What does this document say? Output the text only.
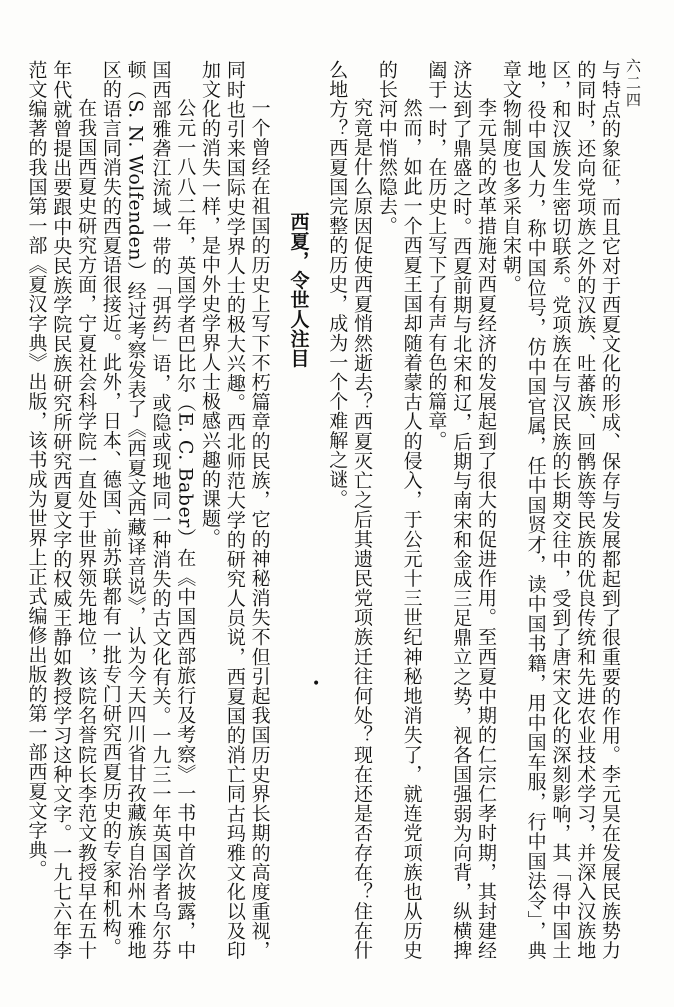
六二四

与特点的象征，而且它对于西夏文化的形成、保存与发展都起到了很重要的作用。李元昊在发展民族势力的同时，还向党项族之外的汉族、吐蕃族、回鹘族等民族的优良传统和先进农业技术学习，并深入汉族地区，和汉族发生密切联系。党项族在与汉民族的长期交往中，受到了唐宋文化的深刻影响，其「得中国土地，役中国人力，称中国位号，仿中国官属，任中国贤才，读中国书籍，用中国车服，行中国法令」，典章文物制度也多采自宋朝。

李元昊的改革措施对西夏经济的发展起到了很大的促进作用。至西夏中期的仁宗仁孝时期，其封建经济达到了鼎盛之时。西夏前期与北宋和辽，后期与南宋和金成三足鼎立之势，视各国强弱为向背，纵横捭阖于一时，在历史上写下了有声有色的篇章。

然而，如此一个西夏王国却随着蒙古人的侵入，于公元十三世纪神秘地消失了，就连党项族也从历史的长河中悄然隐去。

究竟是什么原因促使西夏悄然逝去？西夏灭亡之后其遗民党项族迁往何处？现在还是否存在？住在什么地方？西夏国完整的历史，成为一个个难解之谜。

西夏，令世人注目

一个曾经在祖国的历史上写下不朽篇章的民族，它的神秘消失不但引起我国历史界长期的高度重视，同时也引来国际史学界人士的极大兴趣。西北师范大学的研究人员说，西夏国的消亡同古玛雅文化以及印加文化的消失一样，是中外史学界人士极感兴趣的课题。

公元一八八二年，英国学者巴比尔（E. C. Baber）在《中国西部旅行及考察》一书中首次披露，中国西部雅砻江流域一带的「弭药」语，或隐或现地同一种消失的古文化有关。一九三一年英国学者乌尔芬顿（S. N. Wolfenden）经过考察发表了《西夏文西藏译音说》，认为今天四川省甘孜藏族自治州木雅地区的语言同消失的西夏语很接近。此外，日本、德国、前苏联都有一批专门研究西夏历史的专家和机构。

在我国西夏史研究方面，宁夏社会科学院一直处于世界领先地位，该院名誉院长李范文教授早在五十年代就曾提出要跟中央民族学院民族研究所研究西夏文字的权威王静如教授学习这种文字。一九七六年李范文编著的我国第一部《夏汉字典》出版，该书成为世界上正式编修出版的第一部西夏文字典。	•
